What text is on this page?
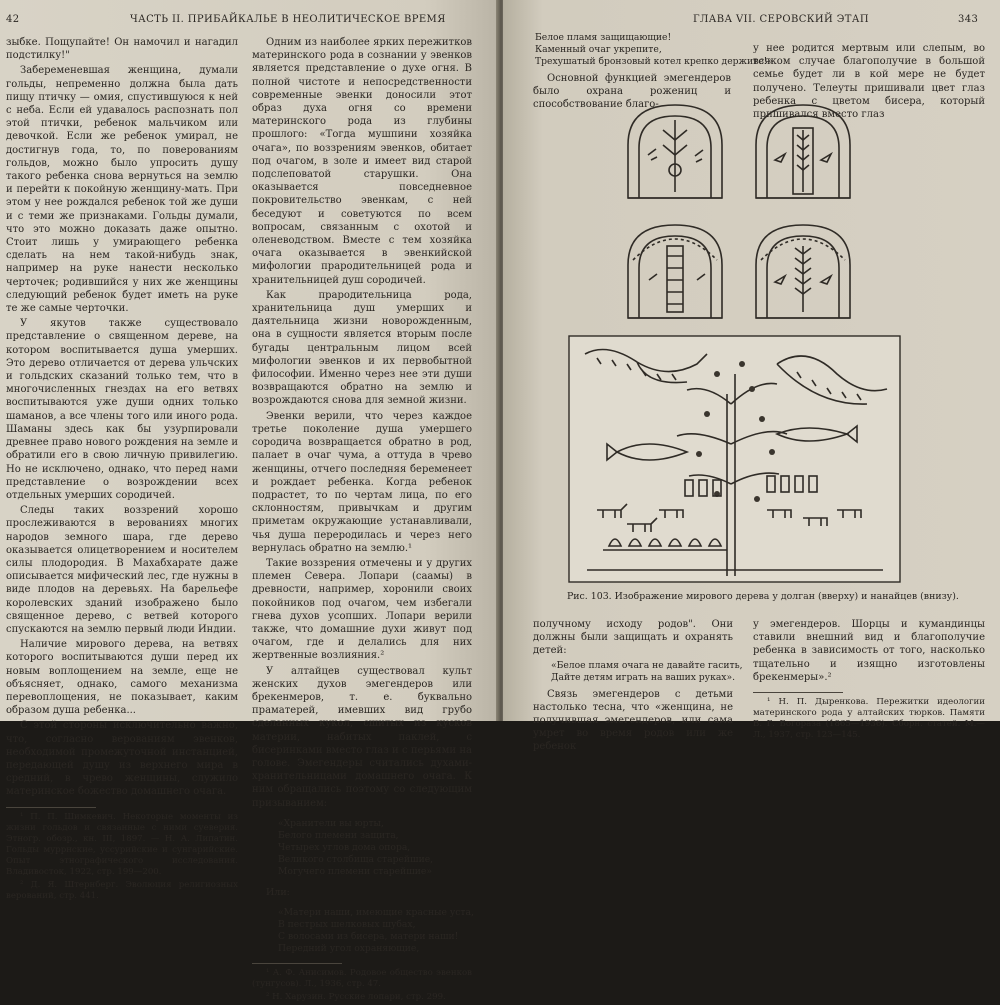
42	ЧАСТЬ II. ПРИБАЙКАЛЬЕ В НЕОЛИТИЧЕСКОЕ ВРЕМЯ

зыбке. Пощупайте! Он намочил и нагадил подстилку!"

Забеременевшая женщина, думали гольды, непременно должна была дать пищу птичку — омия, спустившуюся к ней с неба. Если ей удавалось распознать пол этой птички, ребенок мальчиком или девочкой. Если же ребенок умирал, не достигнув года, то, по поверованиям гольдов, можно было упросить душу такого ребенка снова вернуться на землю и перейти к покойную женщину-мать. При этом у нее рождался ребенок той же души и с теми же признаками. Гольды думали, что это можно доказать даже опытно. Стоит лишь у умирающего ребенка сделать на нем такой-нибудь знак, например на руке нанести несколько черточек; родившийся у них же женщины следующий ребенок будет иметь на руке те же самые черточки.

У якутов также существовало представление о священном дереве, на котором воспитывается душа умерших. Это дерево отличается от дерева ульчских и гольдских сказаний только тем, что в многочисленных гнездах на его ветвях воспитываются уже души одних только шаманов, а все члены того или иного рода. Шаманы здесь как бы узурпировали древнее право нового рождения на земле и обратили его в свою личную привилегию. Но не исключено, однако, что перед нами представление о возрождении всех отдельных умерших сородичей.

Следы таких воззрений хорошо прослеживаются в верованиях многих народов земного шара, где дерево оказывается олицетворением и носителем силы плодородия. В Махабхарате даже описывается мифический лес, где нужны в виде плодов на деревьях. На барельефе королевских зданий изображено было священное дерево, с ветвей которого спускаются на землю первый люди Индии.

Наличие мирового дерева, на ветвях которого воспитываются души перед их новым воплощением на земле, еще не объясняет, однако, самого механизма перевоплощения, не показывает, каким образом душа ребенка...

С этой стороны исключительно важно, что, согласно верованиям эвенков, необходимой промежуточной инстанцией, передающей душу из верхнего мира в средний, в чрево женщины, служило материнское божество домашнего очага.

¹ П. П. Шимкевич. Некоторые моменты из жизни гольдов и связанные с ними суеверия. Этногр. обозр., кн. III, 1897. — Н. А. Липатин. Гольды муррнские, уссурийские и сунгарийские. Опыт этнографического исследования. Владивосток, 1922, стр. 199—200.

² Д. Я. Штернберг. Эволюция религиозных верований, стр. 441.

Одним из наиболее ярких пережитков материнского рода в сознании у эвенков является представление о духе огня. В полной чистоте и непосредственности современные эвенки доносили этот образ духа огня со времени материнского рода из глубины прошлого: «Тогда мушпини хозяйка очага», по воззрениям эвенков, обитает под очагом, в золе и имеет вид старой подслеповатой старушки. Она оказывается повседневное покровительство эвенкам, с ней беседуют и советуются по всем вопросам, связанным с охотой и оленеводством. Вместе с тем хозяйка очага оказывается в эвенкийской мифологии прародительницей рода и хранительницей душ сородичей.

Как прародительница рода, хранительница душ умерших и даятельница жизни новорожденным, она в сущности является вторым после бугады центральным лицом всей мифологии эвенков и их первобытной философии. Именно через нее эти души возвращаются обратно на землю и возрождаются снова для земной жизни.

Эвенки верили, что через каждое третье поколение душа умершего сородича возвращается обратно в род, палает в очаг чума, а оттуда в чрево женщины, отчего последняя беременеет и рождает ребенка. Когда ребенок подрастет, то по чертам лица, по его склонностям, привычкам и другим приметам окружающие устанавливали, чья душа переродилась и через него вернулась обратно на землю.¹

Такие воззрения отмечены и у других племен Севера. Лопари (саамы) в древности, например, хоронили своих покойников под очагом, чем избегали гнева духов усопших. Лопари верили также, что домашние духи живут под очагом, где и делались для них жертвенные возлияния.²

У алтайцев существовал культ женских духов эмегендеров или брекенмеров, т. е. буквально праматерей, имевших вид грубо сделанных кукол, сшитых из кусков материи, набитых паклей, с бисеринками вместо глаз и с перьями на голове. Эмегендеры считались духами-хранительницами домашнего очага. К ним обращались поэтому со следующим призыванием:

«Хранители вы юрты,
Белого племени защита,
Четырех углов дома опора,
Великого столбища старейшие,
Могучего племени старейшие»
Или:
«Матери наши, имеющие красные уста,
В пестрых шелковых шубах,
С волосами из бисера, матери наши!
Передний угол охраняющие,

¹ А. Ф. Анисимов. Родовое общество эвенков (тунгусов). Л., 1936, стр. 47.

² Н. Харузин. Русские лопари, стр. 299.

ГЛАВА VII. СЕРОВСКИЙ ЭТАП	343
Белое пламя защищающие!
Каменный очаг укрепите,
Трехушатый бронзовый котел крепко держите!»

Основной функцией эмегендеров было охрана рожениц и способствование благо-

у нее родится мертвым или слепым, во всяком случае благополучие в большой семье будет ли в кой мере не будет получено. Телеуты пришивали цвет глаз ребенка с цветом бисера, который пришивался вместо глаз

Рис. 103. Изображение мирового дерева у долган (вверху) и нанайцев (внизу).

получному исходу родов". Они должны были защищать и охранять детей:

«Белое пламя очага не давайте гасить,
Дайте детям играть на ваших руках».

Связь эмегендеров с детьми настолько тесна, что «женщина, не получившая эмегендеров, или сама умрет во время родов или же ребенок

у эмегендеров. Шорцы и кумандинцы ставили внешний вид и благополучие ребенка в зависимость от того, насколько тщательно и изящно изготовлены брекенмеры».²

¹ Н. П. Дыренкова. Пережитки идеологии материнского рода у алтайских тюрков. Памяти В. Г. Богораза (1865—1936). Сборн. статей. М.—Л., 1937, стр. 123—145.
